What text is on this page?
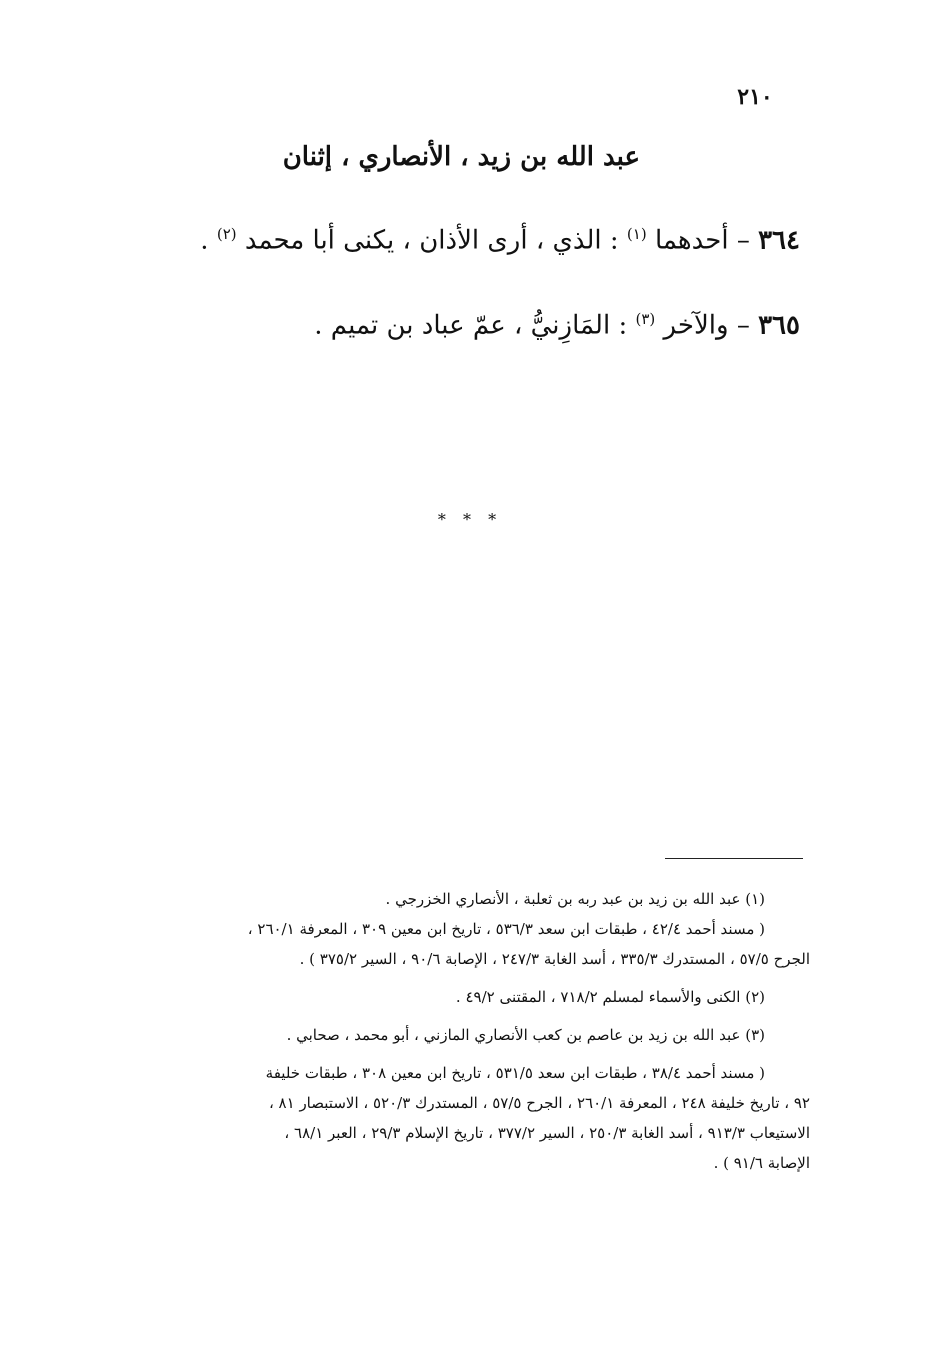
٢١٠
عبد الله بن زيد ، الأنصاري ، إثنان
٣٦٤ – أحدهما $^{(١)}$ : الذي ، أرى الأذان ، يكنى أبا محمد $^{(٢)}$ .
٣٦٥ – والآخر $^{(٣)}$ : المَازِنيُّ ، عمّ عباد بن تميم .
* * *
(١) عبد الله بن زيد بن عبد ربه بن ثعلبة ، الأنصاري الخزرجي .
( مسند أحمد ٤٢/٤ ، طبقات ابن سعد ٥٣٦/٣ ، تاريخ ابن معين ٣٠٩ ، المعرفة ٢٦٠/١ ،
الجرح ٥٧/٥ ، المستدرك ٣٣٥/٣ ، أسد الغابة ٢٤٧/٣ ، الإصابة ٩٠/٦ ، السير ٣٧٥/٢ ) .
(٢) الكنى والأسماء لمسلم ٧١٨/٢ ، المقتنى ٤٩/٢ .
(٣) عبد الله بن زيد بن عاصم بن كعب الأنصاري المازني ، أبو محمد ، صحابي .
( مسند أحمد ٣٨/٤ ، طبقات ابن سعد ٥٣١/٥ ، تاريخ ابن معين ٣٠٨ ، طبقات خليفة
٩٢ ، تاريخ خليفة ٢٤٨ ، المعرفة ٢٦٠/١ ، الجرح ٥٧/٥ ، المستدرك ٥٢٠/٣ ، الاستبصار ٨١ ،
الاستيعاب ٩١٣/٣ ، أسد الغابة ٢٥٠/٣ ، السير ٣٧٧/٢ ، تاريخ الإسلام ٢٩/٣ ، العبر ٦٨/١ ،
الإصابة ٩١/٦ ) .
